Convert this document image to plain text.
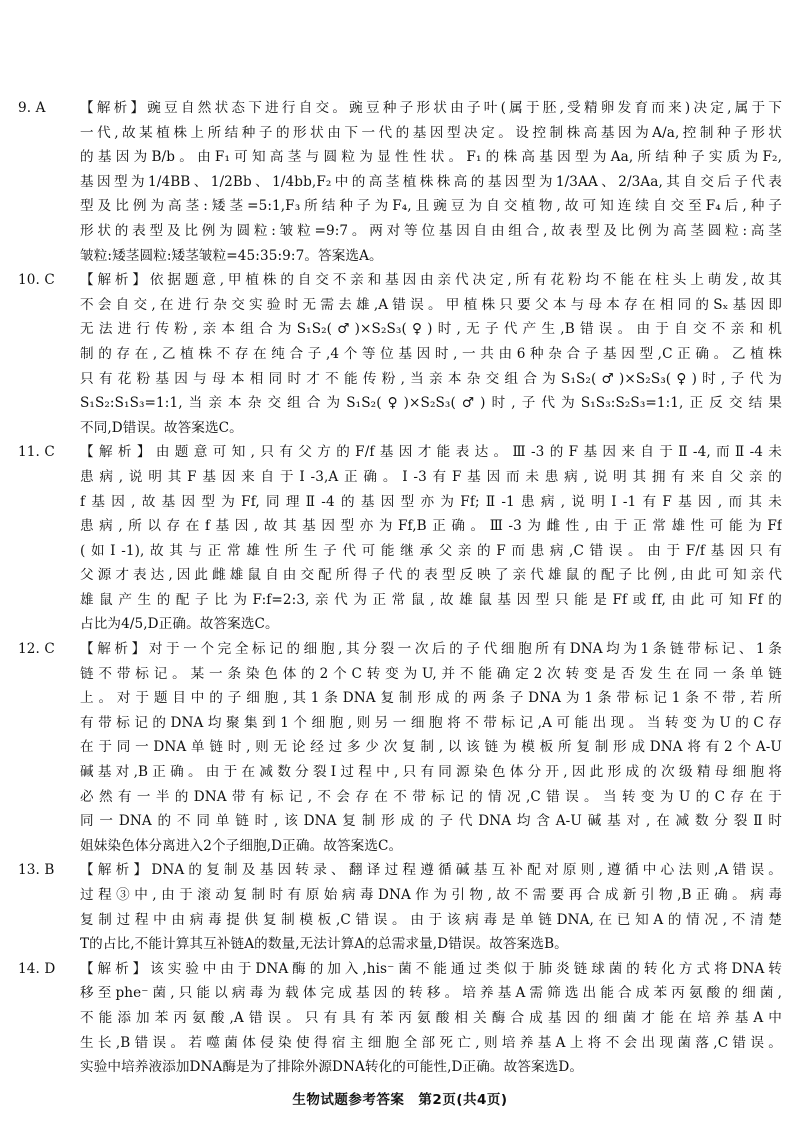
9. A	【解析】豌豆自然状态下进行自交。豌豆种子形状由子叶(属于胚,受精卵发育而来)决定,属于下
一代,故某植株上所结种子的形状由下一代的基因型决定。设控制株高基因为A/a,控制种子形状
的基因为B/b。由F₁可知高茎与圆粒为显性性状。F₁的株高基因型为Aa,所结种子实质为F₂,
基因型为1/4BB、1/2Bb、1/4bb,F₂中的高茎植株株高的基因型为1/3AA、2/3Aa,其自交后子代表
型及比例为高茎:矮茎=5:1,F₃所结种子为F₄,且豌豆为自交植物,故可知连续自交至F₄后,种子
形状的表型及比例为圆粒:皱粒=9:7。两对等位基因自由组合,故表型及比例为高茎圆粒:高茎
皱粒:矮茎圆粒:矮茎皱粒=45:35:9:7。答案选A。
10. C	【解析】依据题意,甲植株的自交不亲和基因由亲代决定,所有花粉均不能在柱头上萌发,故其
不会自交,在进行杂交实验时无需去雄,A错误。甲植株只要父本与母本存在相同的Sₓ基因即
无法进行传粉,亲本组合为S₁S₂(♂)×S₂S₃(♀)时,无子代产生,B错误。由于自交不亲和机
制的存在,乙植株不存在纯合子,4个等位基因时,一共由6种杂合子基因型,C正确。乙植株
只有花粉基因与母本相同时才不能传粉,当亲本杂交组合为S₁S₂(♂)×S₂S₃(♀)时,子代为
S₁S₂:S₁S₃=1:1,当亲本杂交组合为S₁S₂(♀)×S₂S₃(♂)时,子代为S₁S₃:S₂S₃=1:1,正反交结果
不同,D错误。故答案选C。
11. C	【解析】由题意可知,只有父方的F/f基因才能表达。Ⅲ-3的F基因来自于Ⅱ-4,而Ⅱ-4未
患病,说明其F基因来自于Ⅰ-3,A正确。Ⅰ-3有F基因而未患病,说明其拥有来自父亲的
f基因,故基因型为Ff,同理Ⅱ-4的基因型亦为Ff;Ⅱ-1患病,说明Ⅰ-1有F基因,而其未
患病,所以存在f基因,故其基因型亦为Ff,B正确。Ⅲ-3为雌性,由于正常雄性可能为Ff
(如Ⅰ-1),故其与正常雄性所生子代可能继承父亲的F而患病,C错误。由于F/f基因只有
父源才表达,因此雌雄鼠自由交配所得子代的表型反映了亲代雄鼠的配子比例,由此可知亲代
雄鼠产生的配子比为F:f=2:3,亲代为正常鼠,故雄鼠基因型只能是Ff或ff,由此可知Ff的
占比为4/5,D正确。故答案选C。
12. C	【解析】对于一个完全标记的细胞,其分裂一次后的子代细胞所有DNA均为1条链带标记、1条
链不带标记。某一条染色体的2个C转变为U,并不能确定2次转变是否发生在同一条单链
上。对于题目中的子细胞,其1条DNA复制形成的两条子DNA为1条带标记1条不带,若所
有带标记的DNA均聚集到1个细胞,则另一细胞将不带标记,A可能出现。当转变为U的C存
在于同一DNA单链时,则无论经过多少次复制,以该链为模板所复制形成DNA将有2个A-U
碱基对,B正确。由于在减数分裂Ⅰ过程中,只有同源染色体分开,因此形成的次级精母细胞将
必然有一半的DNA带有标记,不会存在不带标记的情况,C错误。当转变为U的C存在于
同一DNA的不同单链时,该DNA复制形成的子代DNA均含A-U碱基对,在减数分裂Ⅱ时
姐妹染色体分离进入2个子细胞,D正确。故答案选C。
13. B	【解析】DNA的复制及基因转录、翻译过程遵循碱基互补配对原则,遵循中心法则,A错误。
过程③中,由于滚动复制时有原始病毒DNA作为引物,故不需要再合成新引物,B正确。病毒
复制过程中由病毒提供复制模板,C错误。由于该病毒是单链DNA,在已知A的情况,不清楚
T的占比,不能计算其互补链A的数量,无法计算A的总需求量,D错误。故答案选B。
14. D	【解析】该实验中由于DNA酶的加入,his⁻菌不能通过类似于肺炎链球菌的转化方式将DNA转
移至phe⁻菌,只能以病毒为载体完成基因的转移。培养基A需筛选出能合成苯丙氨酸的细菌,
不能添加苯丙氨酸,A错误。只有具有苯丙氨酸相关酶合成基因的细菌才能在培养基A中
生长,B错误。若噬菌体侵染使得宿主细胞全部死亡,则培养基A上将不会出现菌落,C错误。
实验中培养液添加DNA酶是为了排除外源DNA转化的可能性,D正确。故答案选D。
生物试题参考答案　第2页(共4页)
